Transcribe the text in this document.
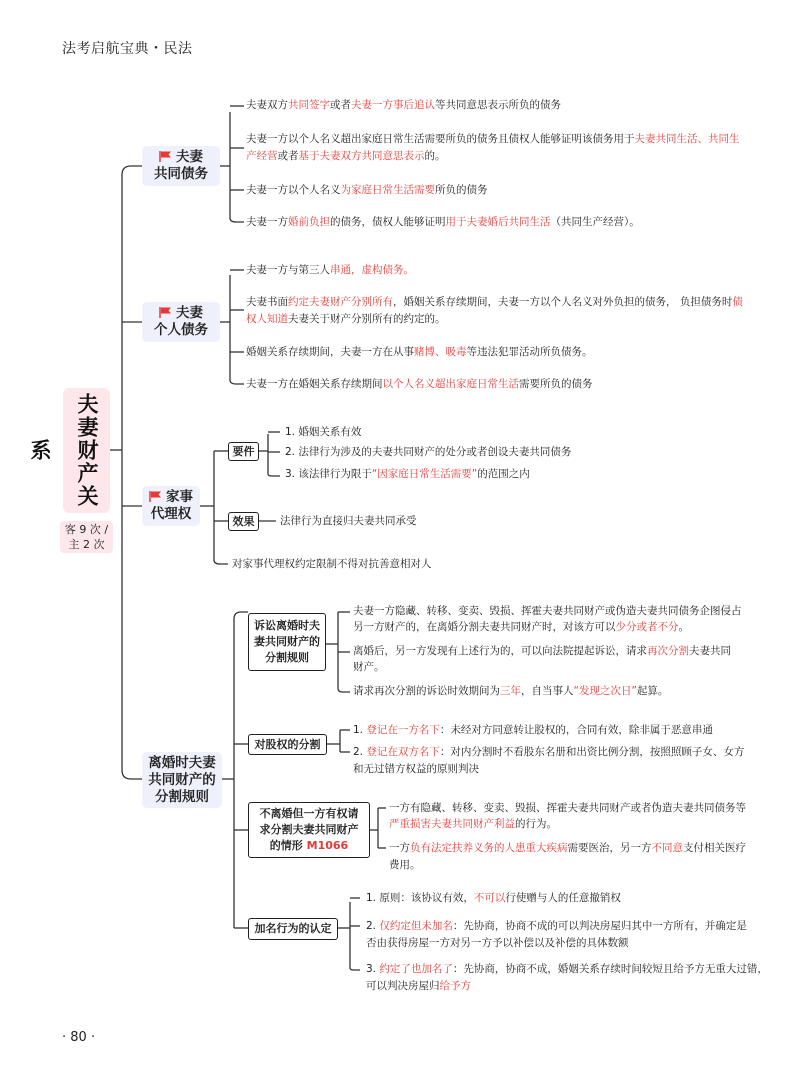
法考启航宝典・民法
夫妻财产关系
客 9 次 /
主 2 次
夫妻
共同债务
夫妻双方共同签字或者夫妻一方事后追认等共同意思表示所负的债务
夫妻一方以个人名义超出家庭日常生活需要所负的债务且债权人能够证明该债务用于夫妻共同生活、共同生
产经营或者基于夫妻双方共同意思表示的。
夫妻一方以个人名义为家庭日常生活需要所负的债务
夫妻一方婚前负担的债务，债权人能够证明用于夫妻婚后共同生活（共同生产经营）。
夫妻
个人债务
夫妻一方与第三人串通，虚构债务。
夫妻书面约定夫妻财产分别所有，婚姻关系存续期间，夫妻一方以个人名义对外负担的债务， 负担债务时债
权人知道夫妻关于财产分别所有的约定的。
婚姻关系存续期间，夫妻一方在从事赌博、吸毒等违法犯罪活动所负债务。
夫妻一方在婚姻关系存续期间以个人名义超出家庭日常生活需要所负的债务
家事
代理权
要件
1. 婚姻关系有效
2. 法律行为涉及的夫妻共同财产的处分或者创设夫妻共同债务
3. 该法律行为限于“因家庭日常生活需要”的范围之内
效果	法律行为直接归夫妻共同承受
对家事代理权约定限制不得对抗善意相对人
离婚时夫妻
共同财产的
分割规则
诉讼离婚时夫
妻共同财产的
分割规则
夫妻一方隐藏、转移、变卖、毁损、挥霍夫妻共同财产或伪造夫妻共同债务企图侵占
另一方财产的，在离婚分割夫妻共同财产时，对该方可以少分或者不分。
离婚后，另一方发现有上述行为的，可以向法院提起诉讼，请求再次分割夫妻共同
财产。
请求再次分割的诉讼时效期间为三年，自当事人“发现之次日”起算。
对股权的分割
1. 登记在一方名下：未经对方同意转让股权的，合同有效，除非属于恶意串通
2. 登记在双方名下：对内分割时不看股东名册和出资比例分割，按照照顾子女、女方
和无过错方权益的原则判决
不离婚但一方有权请
求分割夫妻共同财产
的情形 M1066
一方有隐藏、转移、变卖、毁损、挥霍夫妻共同财产或者伪造夫妻共同债务等
严重损害夫妻共同财产利益的行为。
一方负有法定扶养义务的人患重大疾病需要医治，另一方不同意支付相关医疗
费用。
加名行为的认定
1. 原则：该协议有效，不可以行使赠与人的任意撤销权
2. 仅约定但未加名：先协商，协商不成的可以判决房屋归其中一方所有，并确定是
否由获得房屋一方对另一方予以补偿以及补偿的具体数额
3. 约定了也加名了：先协商，协商不成，婚姻关系存续时间较短且给予方无重大过错，
可以判决房屋归给予方
· 80 ·
